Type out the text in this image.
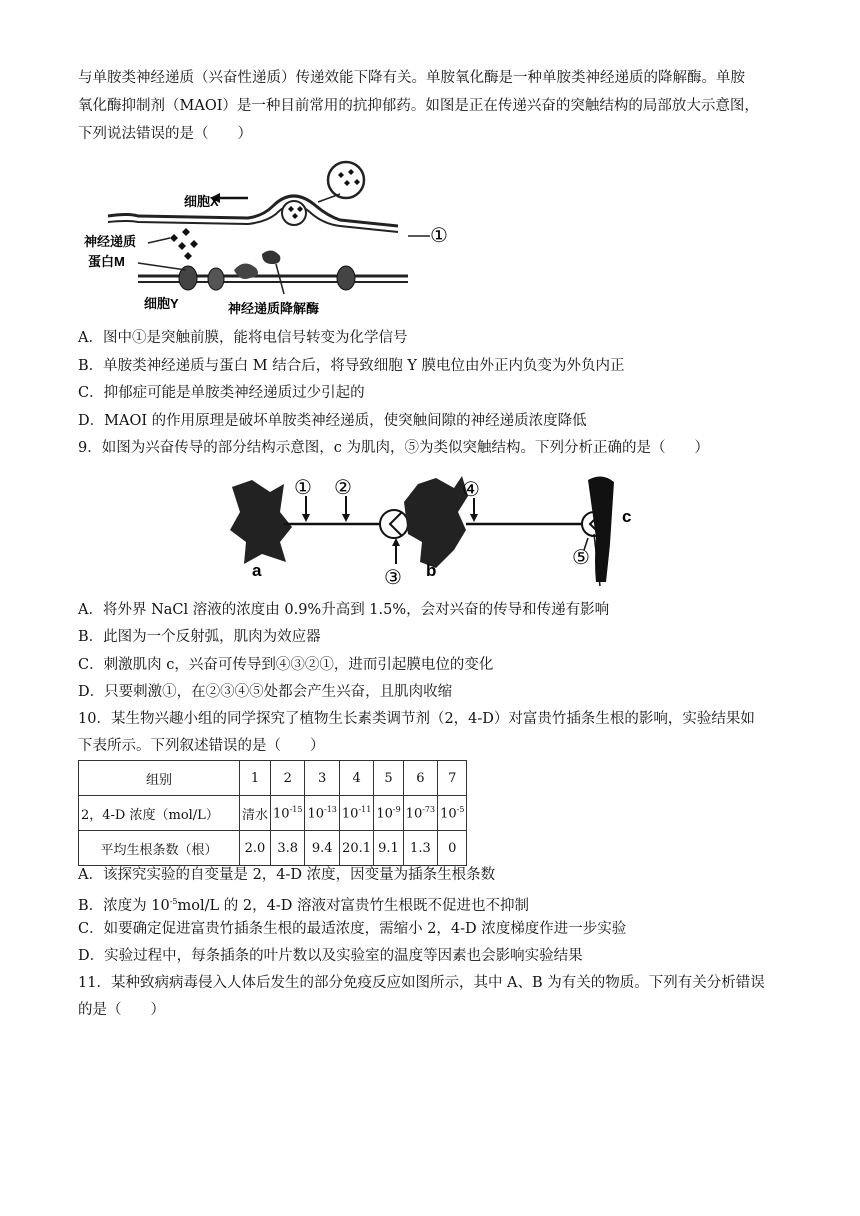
与单胺类神经递质（兴奋性递质）传递效能下降有关。单胺氧化酶是一种单胺类神经递质的降解酶。单胺
氧化酶抑制剂（MAOI）是一种目前常用的抗抑郁药。如图是正在传递兴奋的突触结构的局部放大示意图，
下列说法错误的是（　　）
细胞X
神经递质
蛋白M
细胞Y	神经递质降解酶
①
A．图中①是突触前膜，能将电信号转变为化学信号
B．单胺类神经递质与蛋白 M 结合后，将导致细胞 Y 膜电位由外正内负变为外负内正
C．抑郁症可能是单胺类神经递质过少引起的
D．MAOI 的作用原理是破坏单胺类神经递质，使突触间隙的神经递质浓度降低
9．如图为兴奋传导的部分结构示意图，c 为肌肉，⑤为类似突触结构。下列分析正确的是（　　）
① ②
③
④
⑤
a	b
c
A．将外界 NaCl 溶液的浓度由 0.9%升高到 1.5%，会对兴奋的传导和传递有影响
B．此图为一个反射弧，肌肉为效应器
C．刺激肌肉 c，兴奋可传导到④③②①，进而引起膜电位的变化
D．只要刺激①，在②③④⑤处都会产生兴奋，且肌肉收缩
10．某生物兴趣小组的同学探究了植物生长素类调节剂（2，4-D）对富贵竹插条生根的影响，实验结果如
下表所示。下列叙述错误的是（　　）
组别	1	2	3	4	5	6	7
2，4-D 浓度（mol/L）	清水	$10^{-15}$	$10^{-13}$	$10^{-11}$	$10^{-9}$	$10^{-73}$	$10^{-5}$
平均生根条数（根）	2.0	3.8	9.4	20.1	9.1	1.3	0
A．该探究实验的自变量是 2，4-D 浓度，因变量为插条生根条数
B．浓度为 $10^{-5}mol/L$ 的 2，4-D 溶液对富贵竹生根既不促进也不抑制
C．如要确定促进富贵竹插条生根的最适浓度，需缩小 2，4-D 浓度梯度作进一步实验
D．实验过程中，每条插条的叶片数以及实验室的温度等因素也会影响实验结果
11．某种致病病毒侵入人体后发生的部分免疫反应如图所示，其中 A、B 为有关的物质。下列有关分析错误
的是（　　）
